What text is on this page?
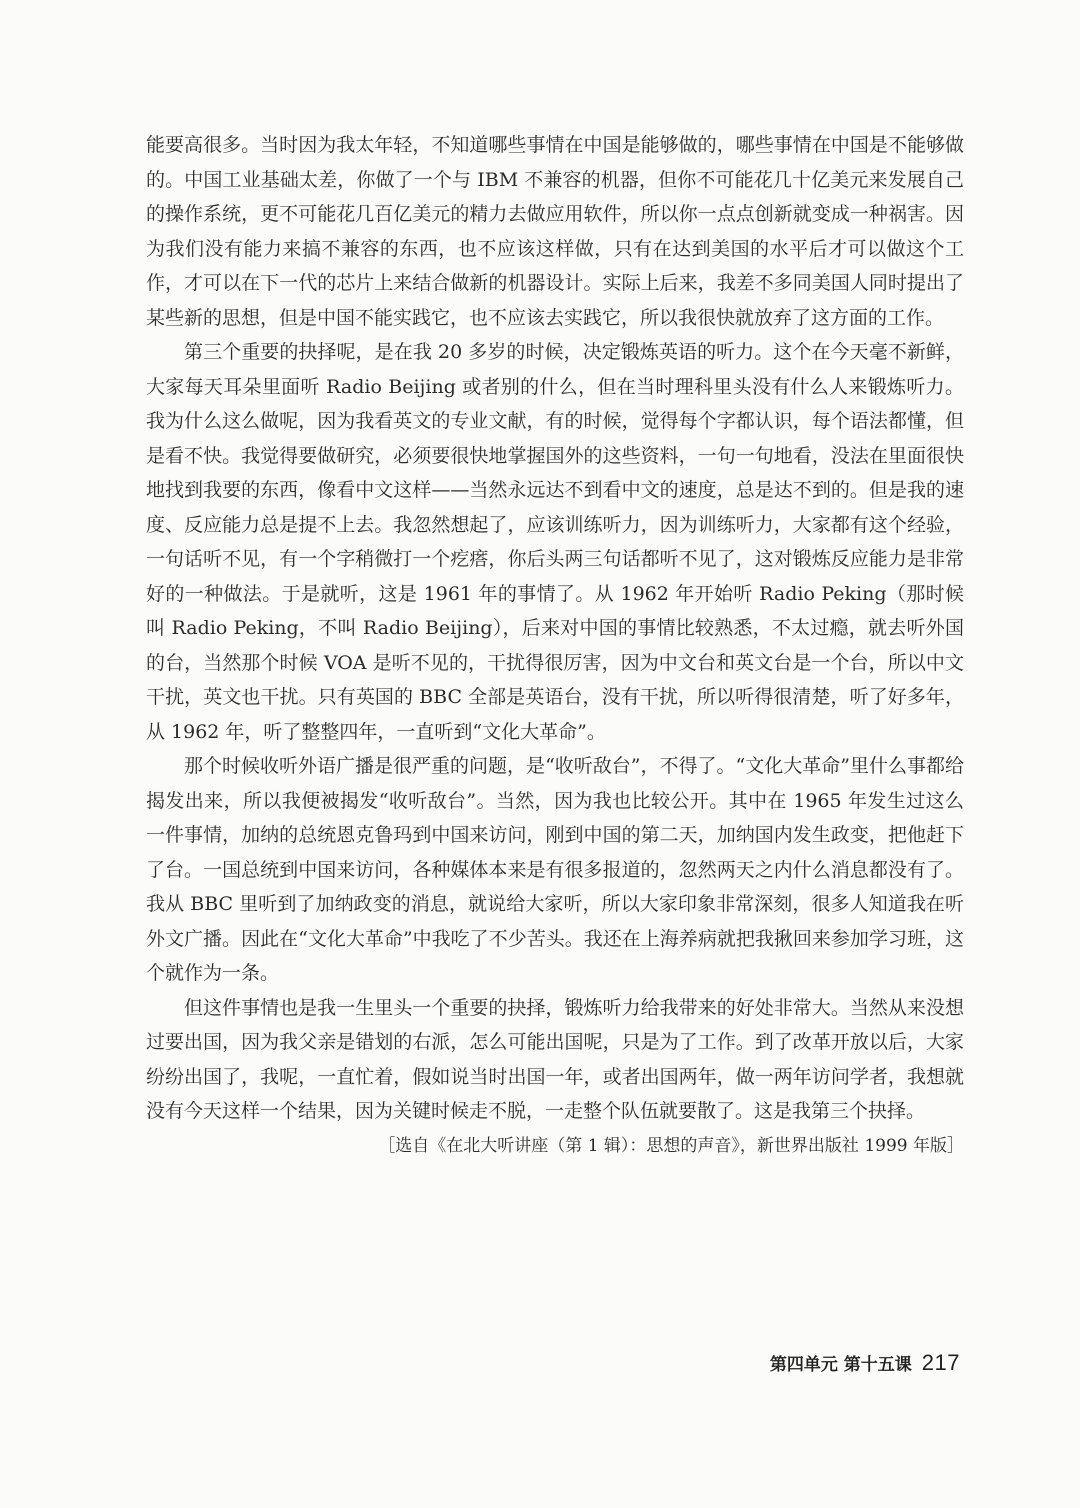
能要高很多。当时因为我太年轻，不知道哪些事情在中国是能够做的，哪些事情在中国是不能够做的。中国工业基础太差，你做了一个与 IBM 不兼容的机器，但你不可能花几十亿美元来发展自己的操作系统，更不可能花几百亿美元的精力去做应用软件，所以你一点点创新就变成一种祸害。因为我们没有能力来搞不兼容的东西，也不应该这样做，只有在达到美国的水平后才可以做这个工作，才可以在下一代的芯片上来结合做新的机器设计。实际上后来，我差不多同美国人同时提出了某些新的思想，但是中国不能实践它，也不应该去实践它，所以我很快就放弃了这方面的工作。

第三个重要的抉择呢，是在我 20 多岁的时候，决定锻炼英语的听力。这个在今天毫不新鲜，大家每天耳朵里面听 Radio Beijing 或者别的什么，但在当时理科里头没有什么人来锻炼听力。我为什么这么做呢，因为我看英文的专业文献，有的时候，觉得每个字都认识，每个语法都懂，但是看不快。我觉得要做研究，必须要很快地掌握国外的这些资料，一句一句地看，没法在里面很快地找到我要的东西，像看中文这样——当然永远达不到看中文的速度，总是达不到的。但是我的速度、反应能力总是提不上去。我忽然想起了，应该训练听力，因为训练听力，大家都有这个经验，一句话听不见，有一个字稍微打一个疙瘩，你后头两三句话都听不见了，这对锻炼反应能力是非常好的一种做法。于是就听，这是 1961 年的事情了。从 1962 年开始听 Radio Peking（那时候叫 Radio Peking，不叫 Radio Beijing），后来对中国的事情比较熟悉，不太过瘾，就去听外国的台，当然那个时候 VOA 是听不见的，干扰得很厉害，因为中文台和英文台是一个台，所以中文干扰，英文也干扰。只有英国的 BBC 全部是英语台，没有干扰，所以听得很清楚，听了好多年，从 1962 年，听了整整四年，一直听到“文化大革命”。

那个时候收听外语广播是很严重的问题，是“收听敌台”，不得了。“文化大革命”里什么事都给揭发出来，所以我便被揭发“收听敌台”。当然，因为我也比较公开。其中在 1965 年发生过这么一件事情，加纳的总统恩克鲁玛到中国来访问，刚到中国的第二天，加纳国内发生政变，把他赶下了台。一国总统到中国来访问，各种媒体本来是有很多报道的，忽然两天之内什么消息都没有了。我从 BBC 里听到了加纳政变的消息，就说给大家听，所以大家印象非常深刻，很多人知道我在听外文广播。因此在“文化大革命”中我吃了不少苦头。我还在上海养病就把我揪回来参加学习班，这个就作为一条。

但这件事情也是我一生里头一个重要的抉择，锻炼听力给我带来的好处非常大。当然从来没想过要出国，因为我父亲是错划的右派，怎么可能出国呢，只是为了工作。到了改革开放以后，大家纷纷出国了，我呢，一直忙着，假如说当时出国一年，或者出国两年，做一两年访问学者，我想就没有今天这样一个结果，因为关键时候走不脱，一走整个队伍就要散了。这是我第三个抉择。

［选自《在北大听讲座（第 1 辑）：思想的声音》，新世界出版社 1999 年版］

第四单元 第十五课 217
